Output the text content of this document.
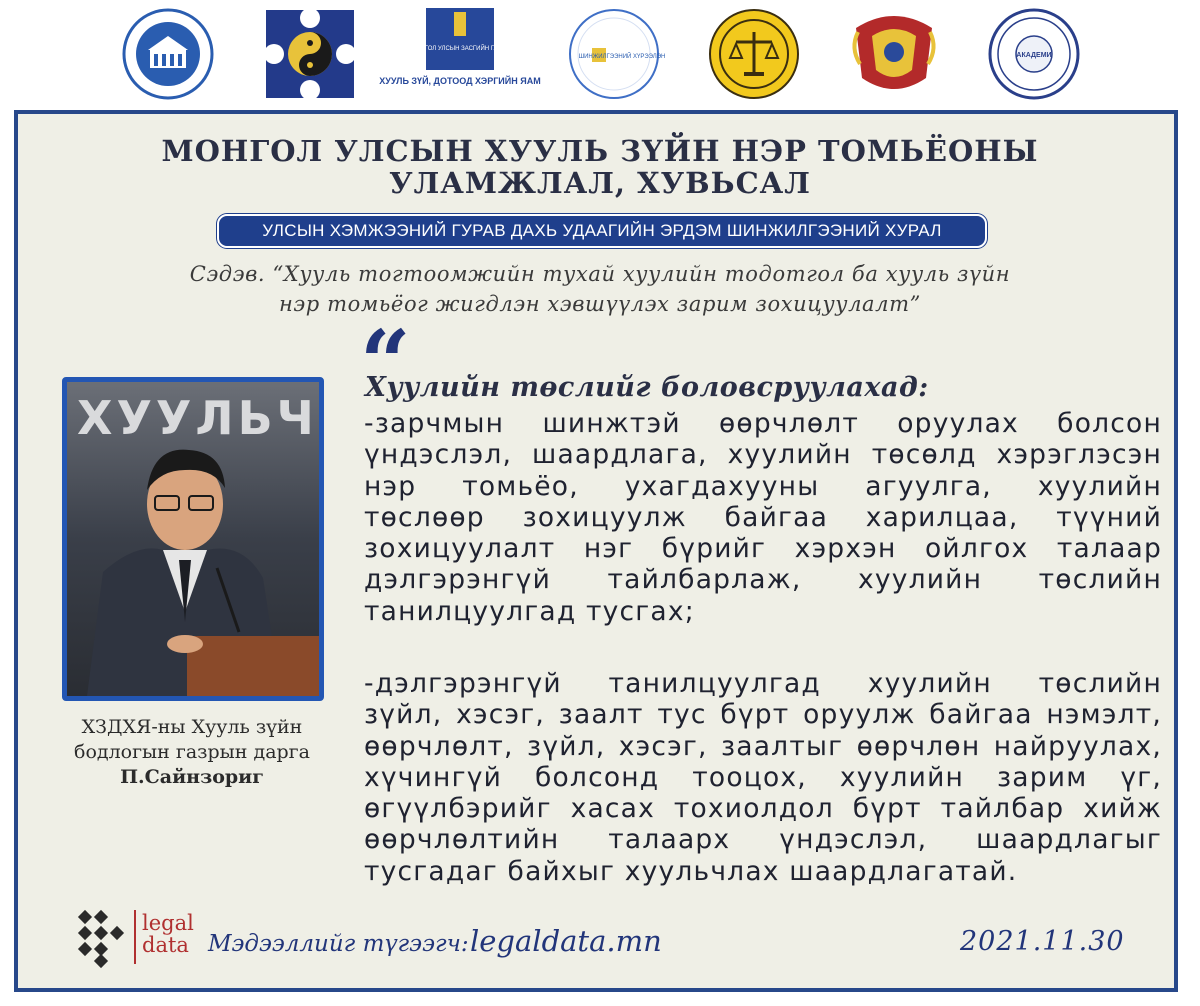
МОНГОЛ УЛСЫН ЗАСГИЙН ГАЗАР
ХУУЛЬ ЗҮЙ, ДОТООД ХЭРГИЙН ЯАМ
ШИНЖИЛГЭЭНИЙ ХҮРЭЭЛЭН	АКАДЕМИ
МОНГОЛ УЛСЫН ХУУЛЬ ЗҮЙН НЭР ТОМЬЁОНЫ
УЛАМЖЛАЛ, ХУВЬСАЛ
УЛСЫН ХЭМЖЭЭНИЙ ГУРАВ ДАХЬ УДААГИЙН ЭРДЭМ ШИНЖИЛГЭЭНИЙ ХУРАЛ
Сэдэв. “Хууль тогтоомжийн тухай хуулийн тодотгол ба хууль зүйн
нэр томьёог жигдлэн хэвшүүлэх зарим зохицуулалт”
“
ХУУЛЬЧ
ХЗДХЯ-ны Хууль зүйн
бодлогын газрын дарга
П.Сайнзориг
Хуулийн төслийг боловсруулахад:
-зарчмын шинжтэй өөрчлөлт оруулах болсон
үндэслэл, шаардлага, хуулийн төсөлд хэрэглэсэн
нэр томьёо, ухагдахууны агуулга, хуулийн
төслөөр зохицуулж байгаа харилцаа, түүний
зохицуулалт нэг бүрийг хэрхэн ойлгох талаар
дэлгэрэнгүй тайлбарлаж, хуулийн төслийн
танилцуулгад тусгах;
-дэлгэрэнгүй танилцуулгад хуулийн төслийн
зүйл, хэсэг, заалт тус бүрт оруулж байгаа нэмэлт,
өөрчлөлт, зүйл, хэсэг, заалтыг өөрчлөн найруулах,
хүчингүй болсонд тооцох, хуулийн зарим үг,
өгүүлбэрийг хасах тохиолдол бүрт тайлбар хийж
өөрчлөлтийн талаарх үндэслэл, шаардлагыг
тусгадаг байхыг хуульчлах шаардлагатай.
legal
data Мэдээллийг түгээгч: legaldata.mn	2021.11.30
